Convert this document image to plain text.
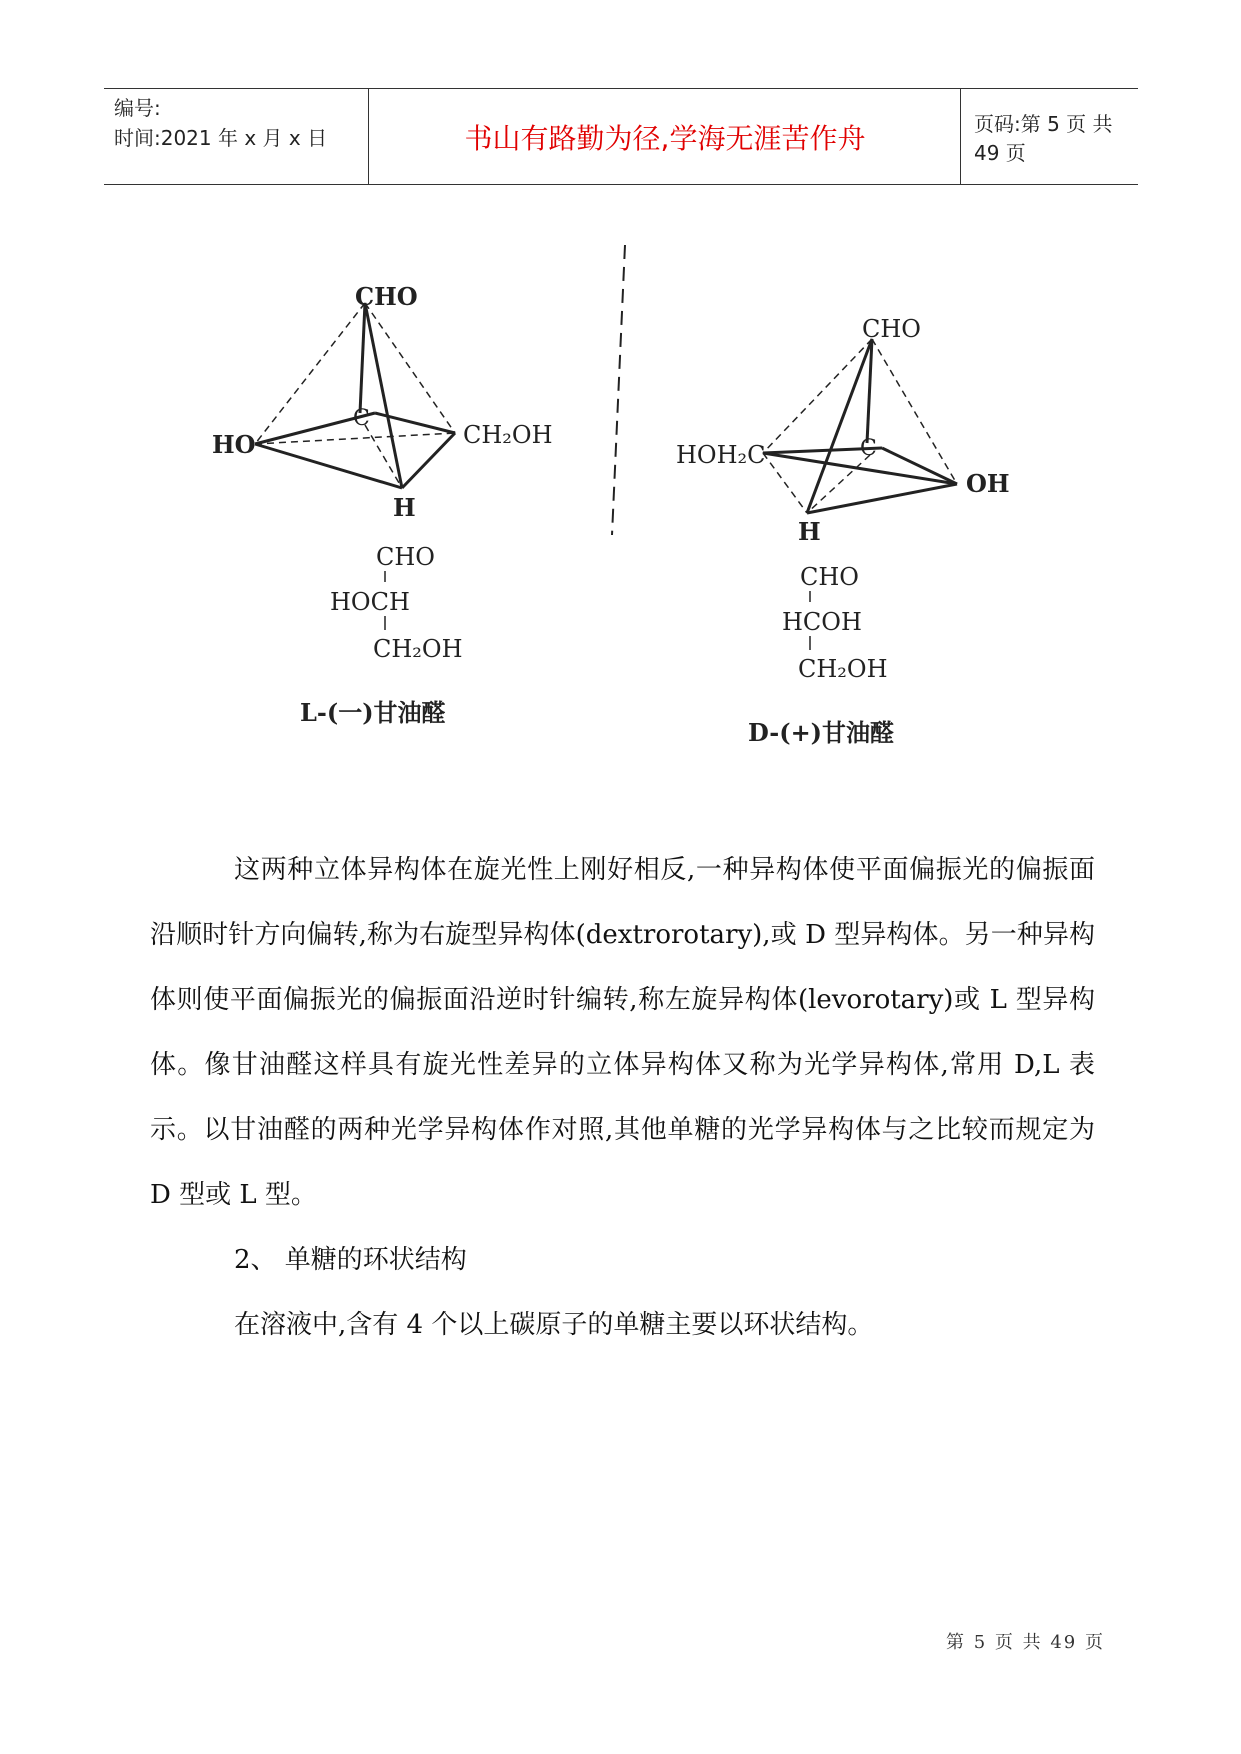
编号:
时间:2021 年 x 月 x 日	书山有路勤为径,学海无涯苦作舟	页码:第 5 页 共 49 页
CHO
C
HO	CH₂OH
H
CHO
HOCH
CH₂OH
L-(一)甘油醛
CHO
C
HOH₂C
OH
H
CHO
HCOH
CH₂OH
D-(+)甘油醛
这两种立体异构体在旋光性上刚好相反,一种异构体使平面偏振光的偏振面沿顺时针方向偏转,称为右旋型异构体(dextrorotary),或 D 型异构体。另一种异构体则使平面偏振光的偏振面沿逆时针编转,称左旋异构体(levorotary)或 L 型异构体。像甘油醛这样具有旋光性差异的立体异构体又称为光学异构体,常用 D,L 表示。以甘油醛的两种光学异构体作对照,其他单糖的光学异构体与之比较而规定为 D 型或 L 型。
2、 单糖的环状结构
在溶液中,含有 4 个以上碳原子的单糖主要以环状结构。
第 5 页 共 49 页
